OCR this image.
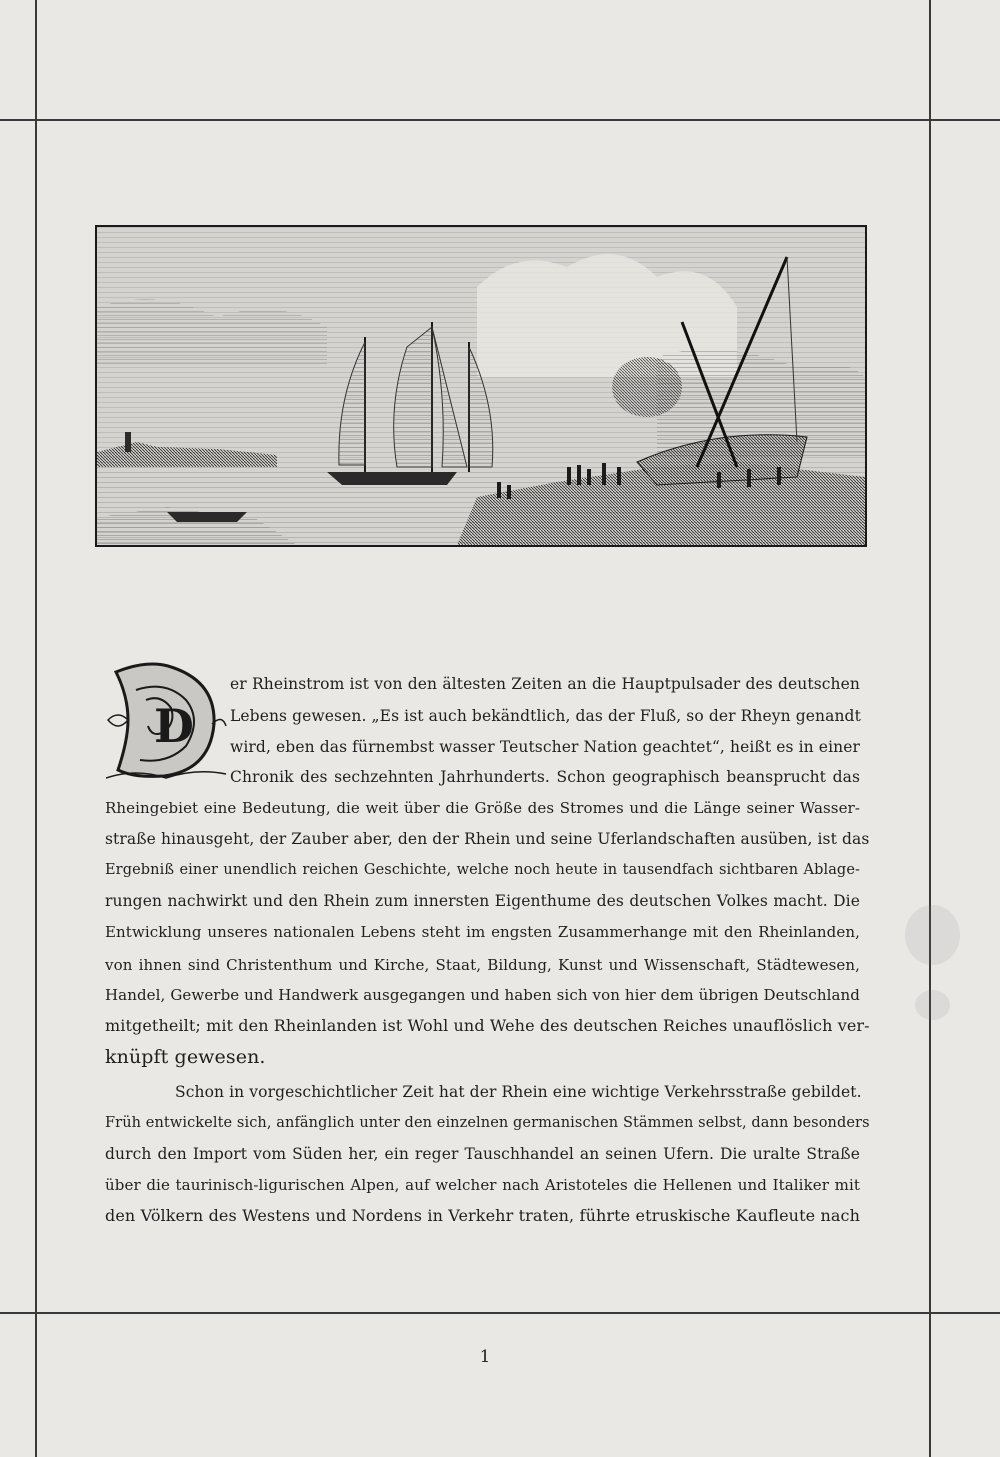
D
er Rheinstrom ist von den ältesten Zeiten an die Hauptpulsader des deutschen
Lebens gewesen. „Es ist auch bekändtlich, das der Fluß, so der Rheyn genandt
wird, eben das fürnembst wasser Teutscher Nation geachtet“, heißt es in einer
Chronik des sechzehnten Jahrhunderts. Schon geographisch beansprucht das
Rheingebiet eine Bedeutung, die weit über die Größe des Stromes und die Länge seiner Wasser-
straße hinausgeht, der Zauber aber, den der Rhein und seine Uferlandschaften ausüben, ist das
Ergebniß einer unendlich reichen Geschichte, welche noch heute in tausendfach sichtbaren Ablage-
rungen nachwirkt und den Rhein zum innersten Eigenthume des deutschen Volkes macht. Die
Entwicklung unseres nationalen Lebens steht im engsten Zusammerhange mit den Rheinlanden,
von ihnen sind Christenthum und Kirche, Staat, Bildung, Kunst und Wissenschaft, Städtewesen,
Handel, Gewerbe und Handwerk ausgegangen und haben sich von hier dem übrigen Deutschland
mitgetheilt; mit den Rheinlanden ist Wohl und Wehe des deutschen Reiches unauflöslich ver-
knüpft gewesen.
Schon in vorgeschichtlicher Zeit hat der Rhein eine wichtige Verkehrsstraße gebildet.
Früh entwickelte sich, anfänglich unter den einzelnen germanischen Stämmen selbst, dann besonders
durch den Import vom Süden her, ein reger Tauschhandel an seinen Ufern. Die uralte Straße
über die taurinisch-ligurischen Alpen, auf welcher nach Aristoteles die Hellenen und Italiker mit
den Völkern des Westens und Nordens in Verkehr traten, führte etruskische Kaufleute nach
1
